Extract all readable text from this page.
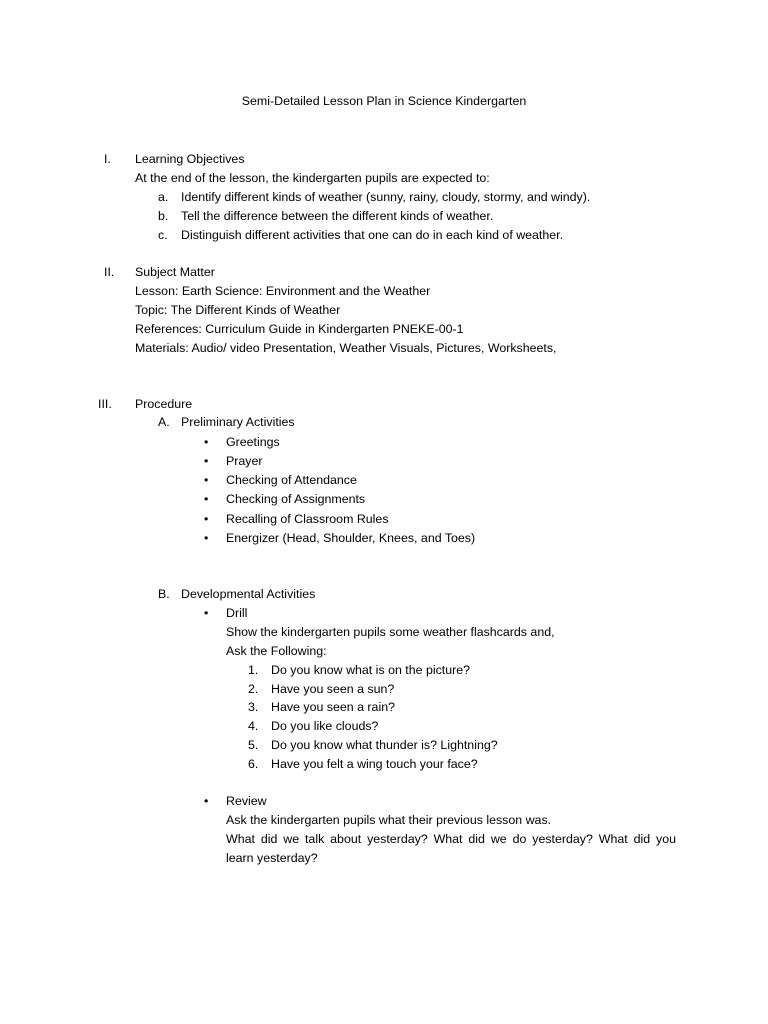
Semi-Detailed Lesson Plan in Science Kindergarten
I. Learning Objectives
At the end of the lesson, the kindergarten pupils are expected to:
a. Identify different kinds of weather (sunny, rainy, cloudy, stormy, and windy).
b. Tell the difference between the different kinds of weather.
c. Distinguish different activities that one can do in each kind of weather.
II. Subject Matter
Lesson: Earth Science: Environment and the Weather
Topic: The Different Kinds of Weather
References: Curriculum Guide in Kindergarten PNEKE-00-1
Materials: Audio/ video Presentation, Weather Visuals, Pictures, Worksheets,
III. Procedure
A. Preliminary Activities
• Greetings
• Prayer
• Checking of Attendance
• Checking of Assignments
• Recalling of Classroom Rules
• Energizer (Head, Shoulder, Knees, and Toes)
B. Developmental Activities
• Drill
Show the kindergarten pupils some weather flashcards and,
Ask the Following:
1. Do you know what is on the picture?
2. Have you seen a sun?
3. Have you seen a rain?
4. Do you like clouds?
5. Do you know what thunder is? Lightning?
6. Have you felt a wing touch your face?
• Review
Ask the kindergarten pupils what their previous lesson was.
What did we talk about yesterday? What did we do yesterday? What did you
learn yesterday?
